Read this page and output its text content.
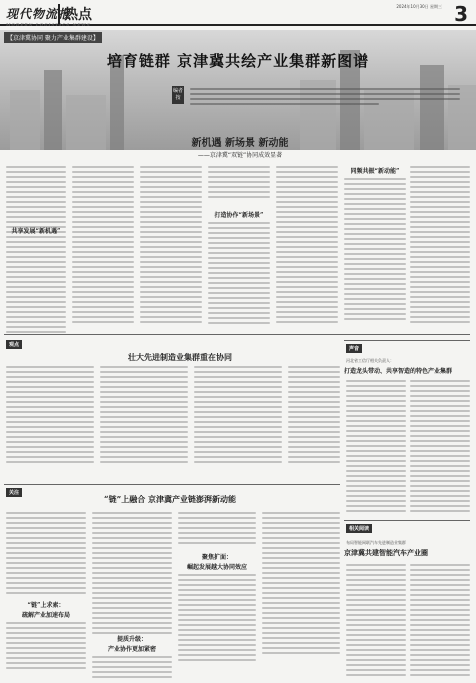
现代物流报
MODERN LOGISTICS NEWS
热点
2024年10月30日 星期三 3
【京津冀协同 聚力产业集群建设】
培育链群 京津冀共绘产业集群新图谱
编者按
新机遇 新场景 新动能
——京津冀“双链”协同成效显著
共享发展“新机遇”
打造协作“新场景”
同频共振“新动能”
观点
壮大先进制造业集群重在协同
声音
河北省工信厅相关负责人：
打造龙头带动、共享智造的特色产业集群
关注
“链”上融合 京津冀产业链澎湃新动能
“链”上求索：
疏解产业加速布局
提质升级：
产业协作更加紧密
聚焦扩面：
崛起发展越大协同效应
相关阅读
布局智能网联汽车先进制造业集群
京津冀共建智能汽车产业圈
